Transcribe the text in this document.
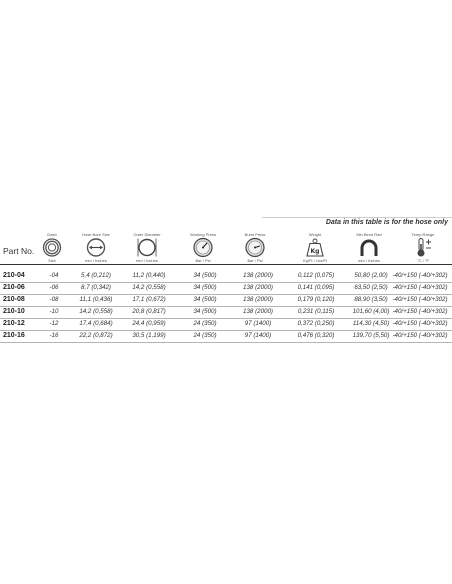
Data in this table is for the hose only
Part No.
Dash
Size
Hose Bore Size
mm / Inches
Outer Diameter
mm / Inches
Working Press
Bar / Psi
Burst Press
Bar / Psi
Weight
Kg
Kg/Ft / Lbs/Ft
Min Bend Rad
mm / Inches
Temp Range
°C / °F
210-04	-04	5,4 (0,212)	11,2 (0,440)	34 (500)	138 (2000)	0,112 (0,075)	50,80 (2,00) -40/+150 (-40/+302)
210-06	-06	8,7 (0,342)	14,2 (0,558)	34 (500)	138 (2000)	0,141 (0,095)	63,50 (2,50) -40/+150 (-40/+302)
210-08	-08	11,1 (0,436)	17,1 (0,672)	34 (500)	138 (2000)	0,179 (0,120)	88,90 (3,50) -40/+150 (-40/+302)
210-10	-10	14,2 (0,558)	20,8 (0,817)	34 (500)	138 (2000)	0,231 (0,115)	101,60 (4,00) -40/+150 (-40/+302)
210-12	-12	17,4 (0,684)	24,4 (0,959)	24 (350)	97 (1400)	0,372 (0,250)	114,30 (4,50) -40/+150 (-40/+302)
210-16	-16	22,2 (0,872)	30,5 (1,199)	24 (350)	97 (1400)	0,476 (0,320)	139,70 (5,50) -40/+150 (-40/+302)
